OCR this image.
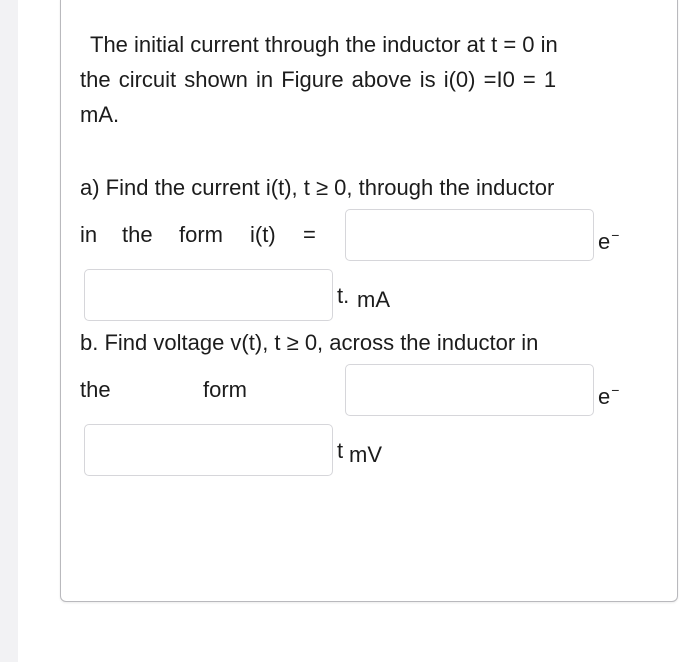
The initial current through the inductor at t = 0 in
the circuit shown in Figure above is i(0) =I0 = 1
mA.
a) Find the current i(t), t ≥ 0, through the inductor
in the form i(t) =	e−
t. mA
b. Find voltage v(t), t ≥ 0, across the inductor in
the	form	e−
t mV
